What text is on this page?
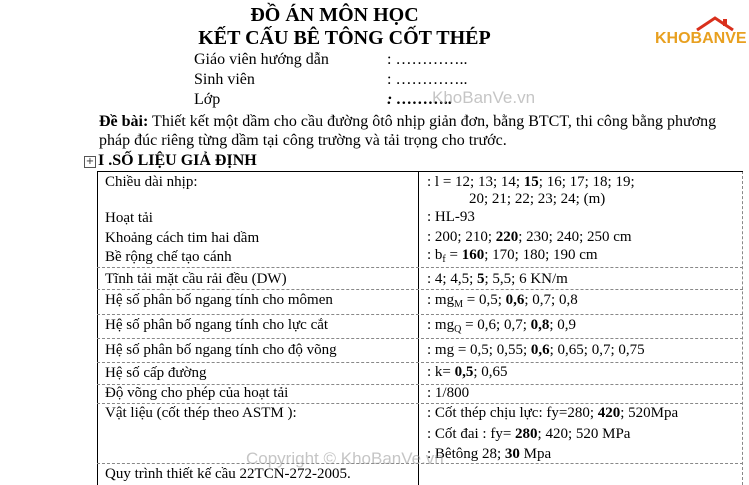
ĐỒ ÁN MÔN HỌC
KẾT CẤU BÊ TÔNG CỐT THÉP	KHOBANVE
Giáo viên hướng dẫn	: …………..
Sinh viên	: …………..
Lớp	: ………..
KhoBanVe.vn
Đề bài: Thiết kết một dầm cho cầu đường ôtô nhịp giản đơn, bằng BTCT, thi công bằng phương pháp đúc riêng từng dầm tại công trường và tải trọng cho trước.
+ I .SỐ LIỆU GIẢ ĐỊNH
Chiều dài nhịp:	: l = 12; 13; 14; 15; 16; 17; 18; 19;
20; 21; 22; 23; 24; (m)
Hoạt tải	: HL-93
Khoảng cách tim hai dầm	: 200; 210; 220; 230; 240; 250 cm
Bề rộng chế tạo cánh	: $b_f = 160$; 170; 180; 190 cm
Tĩnh tải mặt cầu rải đều (DW)	: 4; 4,5; 5; 5,5; 6 KN/m
Hệ số phân bố ngang tính cho mômen	: $mg_M = 0,5$; 0,6; 0,7; 0,8
Hệ số phân bố ngang tính cho lực cắt	: $mg_Q = 0,6$; 0,7; 0,8; 0,9
Hệ số phân bố ngang tính cho độ võng	: mg = 0,5; 0,55; 0,6; 0,65; 0,7; 0,75
Hệ số cấp đường	: k= 0,5; 0,65
Độ võng cho phép của hoạt tải	: 1/800
Vật liệu (cốt thép theo ASTM ):	: Cốt thép chịu lực: fy=280; 420; 520Mpa
: Cốt đai : fy= 280; 420; 520 MPa
: Bêtông 28; 30 Mpa
Quy trình thiết kế cầu 22TCN-272-2005.
Copyright © KhoBanVe.vn
